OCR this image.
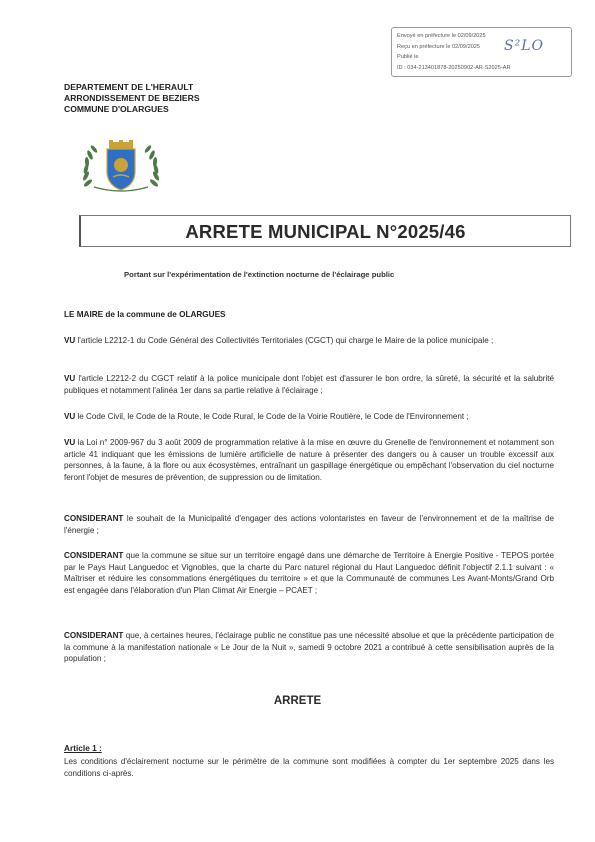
Envoyé en préfecture le 02/09/2025
Reçu en préfecture le 02/09/2025
Publié le
ID : 034-213401878-20250902-AR-S2025-AR
S²LO
DEPARTEMENT DE L'HERAULT
ARRONDISSEMENT DE BEZIERS
COMMUNE D'OLARGUES
ARRETE MUNICIPAL N°2025/46
Portant sur l'expérimentation de l'extinction nocturne de l'éclairage public
LE MAIRE de la commune de OLARGUES

VU l'article L2212-1 du Code Général des Collectivités Territoriales (CGCT) qui charge le Maire de la police municipale ;

VU l'article L2212-2 du CGCT relatif à la police municipale dont l'objet est d'assurer le bon ordre, la sûreté, la sécurité et la salubrité publiques et notamment l'alinéa 1er dans sa partie relative à l'éclairage ;

VU le Code Civil, le Code de la Route, le Code Rural, le Code de la Voirie Routière, le Code de l'Environnement ;

VU la Loi n° 2009-967 du 3 août 2009 de programmation relative à la mise en œuvre du Grenelle de l'environnement et notamment son article 41 indiquant que les émissions de lumière artificielle de nature à présenter des dangers ou à causer un trouble excessif aux personnes, à la faune, à la flore ou aux écosystèmes, entraînant un gaspillage énergétique ou empêchant l'observation du ciel nocturne feront l'objet de mesures de prévention, de suppression ou de limitation.

CONSIDERANT le souhait de la Municipalité d'engager des actions volontaristes en faveur de l'environnement et de la maîtrise de l'énergie ;

CONSIDERANT que la commune se situe sur un territoire engagé dans une démarche de Territoire à Energie Positive - TEPOS portée par le Pays Haut Languedoc et Vignobles, que la charte du Parc naturel régional du Haut Languedoc définit l'objectif 2.1.1 suivant : « Maîtriser et réduire les consommations énergétiques du territoire » et que la Communauté de communes Les Avant-Monts/Grand Orb est engagée dans l'élaboration d'un Plan Climat Air Energie – PCAET ;

CONSIDERANT que, à certaines heures, l'éclairage public ne constitue pas une nécessité absolue et que la précédente participation de la commune à la manifestation nationale « Le Jour de la Nuit », samedi 9 octobre 2021 a contribué à cette sensibilisation auprès de la population ;

ARRETE
Article 1 :

Les conditions d'éclairement nocturne sur le périmètre de la commune sont modifiées à compter du 1er septembre 2025 dans les conditions ci-après.
